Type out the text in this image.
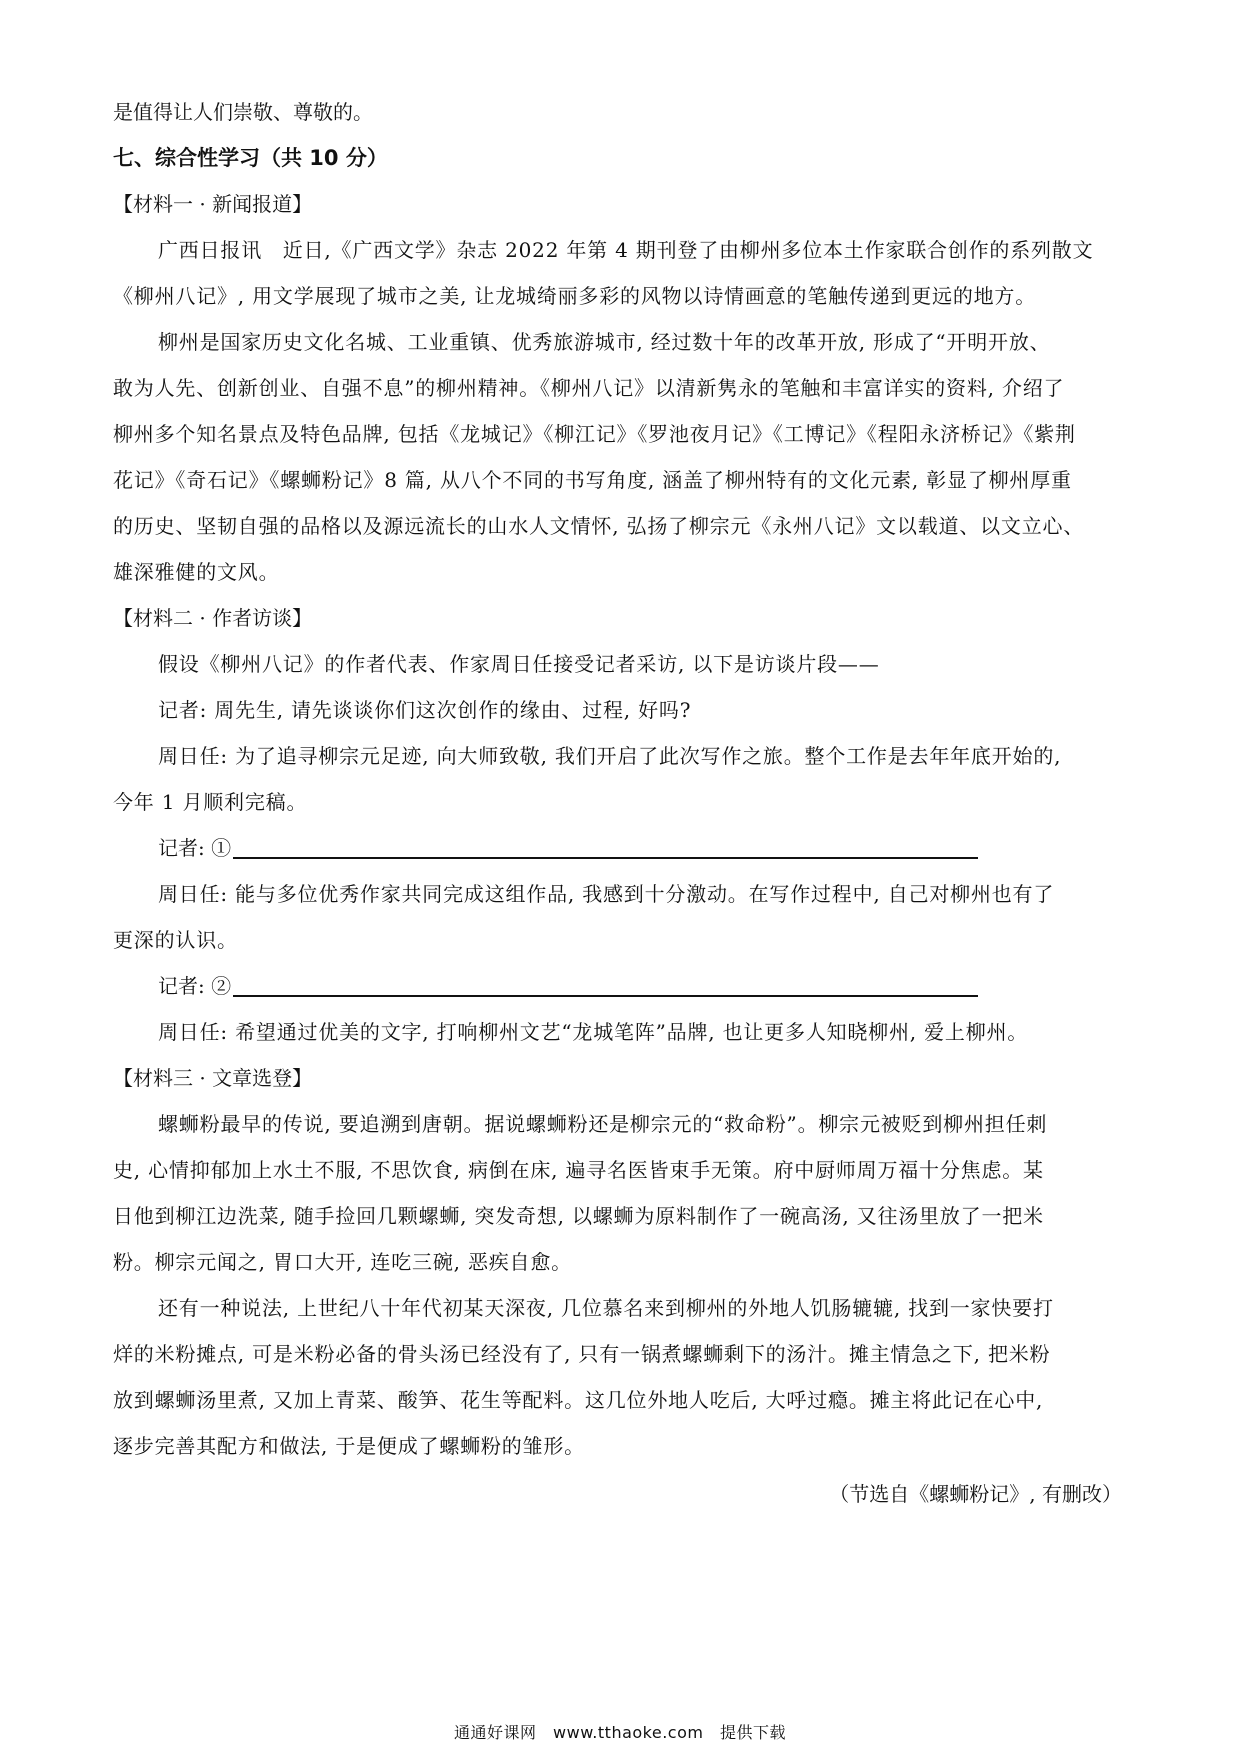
是值得让人们崇敬、尊敬的。
七、综合性学习（共 10 分）
【材料一 · 新闻报道】
广西日报讯　近日,《广西文学》杂志 2022 年第 4 期刊登了由柳州多位本土作家联合创作的系列散文
《柳州八记》, 用文学展现了城市之美, 让龙城绮丽多彩的风物以诗情画意的笔触传递到更远的地方。
柳州是国家历史文化名城、工业重镇、优秀旅游城市, 经过数十年的改革开放, 形成了“开明开放、
敢为人先、创新创业、自强不息”的柳州精神。《柳州八记》以清新隽永的笔触和丰富详实的资料, 介绍了
柳州多个知名景点及特色品牌, 包括《龙城记》《柳江记》《罗池夜月记》《工博记》《程阳永济桥记》《紫荆
花记》《奇石记》《螺蛳粉记》8 篇, 从八个不同的书写角度, 涵盖了柳州特有的文化元素, 彰显了柳州厚重
的历史、坚韧自强的品格以及源远流长的山水人文情怀, 弘扬了柳宗元《永州八记》文以载道、以文立心、
雄深雅健的文风。
【材料二 · 作者访谈】
假设《柳州八记》的作者代表、作家周日任接受记者采访, 以下是访谈片段——
记者: 周先生, 请先谈谈你们这次创作的缘由、过程, 好吗?
周日任: 为了追寻柳宗元足迹, 向大师致敬, 我们开启了此次写作之旅。整个工作是去年年底开始的,
今年 1 月顺利完稿。
记者: ①
周日任: 能与多位优秀作家共同完成这组作品, 我感到十分激动。在写作过程中, 自己对柳州也有了
更深的认识。
记者: ②
周日任: 希望通过优美的文字, 打响柳州文艺“龙城笔阵”品牌, 也让更多人知晓柳州, 爱上柳州。
【材料三 · 文章选登】
螺蛳粉最早的传说, 要追溯到唐朝。据说螺蛳粉还是柳宗元的“救命粉”。柳宗元被贬到柳州担任刺
史, 心情抑郁加上水土不服, 不思饮食, 病倒在床, 遍寻名医皆束手无策。府中厨师周万福十分焦虑。某
日他到柳江边洗菜, 随手捡回几颗螺蛳, 突发奇想, 以螺蛳为原料制作了一碗高汤, 又往汤里放了一把米
粉。柳宗元闻之, 胃口大开, 连吃三碗, 恶疾自愈。
还有一种说法, 上世纪八十年代初某天深夜, 几位慕名来到柳州的外地人饥肠辘辘, 找到一家快要打
烊的米粉摊点, 可是米粉必备的骨头汤已经没有了, 只有一锅煮螺蛳剩下的汤汁。摊主情急之下, 把米粉
放到螺蛳汤里煮, 又加上青菜、酸笋、花生等配料。这几位外地人吃后, 大呼过瘾。摊主将此记在心中,
逐步完善其配方和做法, 于是便成了螺蛳粉的雏形。
（节选自《螺蛳粉记》, 有删改）
通通好课网　www.tthaoke.com　提供下载
